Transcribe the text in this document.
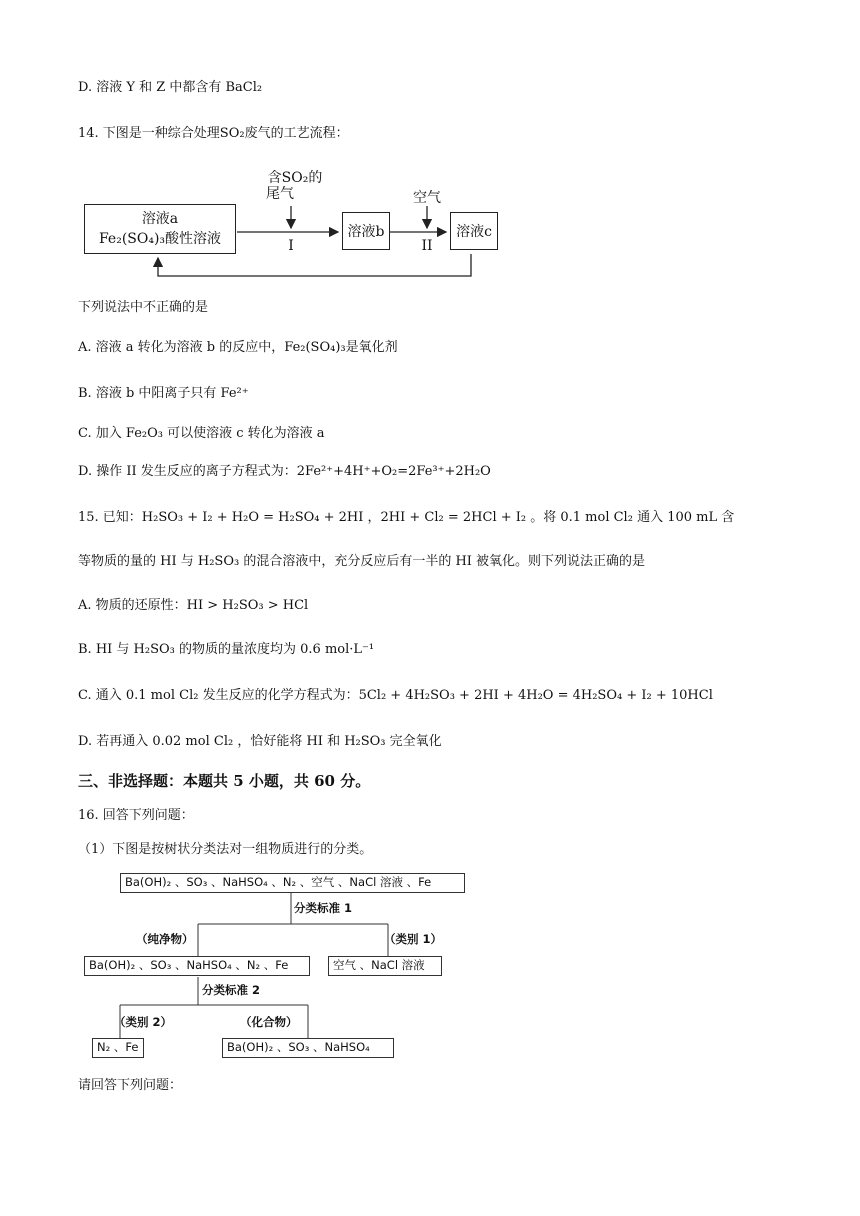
D. 溶液 Y 和 Z 中都含有 BaCl₂
14. 下图是一种综合处理SO₂废气的工艺流程：
溶液a
Fe₂(SO₄)₃酸性溶液	溶液b	溶液c
含SO₂的
尾气
I
空气
II
下列说法中不正确的是
A. 溶液 a 转化为溶液 b 的反应中，Fe₂(SO₄)₃是氧化剂
B. 溶液 b 中阳离子只有 Fe²⁺
C. 加入 Fe₂O₃ 可以使溶液 c 转化为溶液 a
D. 操作 II 发生反应的离子方程式为：2Fe²⁺+4H⁺+O₂=2Fe³⁺+2H₂O
15. 已知：H₂SO₃ + I₂ + H₂O = H₂SO₄ + 2HI ，2HI + Cl₂ = 2HCl + I₂ 。将 0.1 mol Cl₂ 通入 100 mL 含
等物质的量的 HI 与 H₂SO₃ 的混合溶液中，充分反应后有一半的 HI 被氧化。则下列说法正确的是
A. 物质的还原性：HI > H₂SO₃ > HCl
B. HI 与 H₂SO₃ 的物质的量浓度均为 0.6 mol·L⁻¹
C. 通入 0.1 mol Cl₂ 发生反应的化学方程式为：5Cl₂ + 4H₂SO₃ + 2HI + 4H₂O = 4H₂SO₄ + I₂ + 10HCl
D. 若再通入 0.02 mol Cl₂ ，恰好能将 HI 和 H₂SO₃ 完全氧化
三、非选择题：本题共 5 小题，共 60 分。
16. 回答下列问题：
（1）下图是按树状分类法对一组物质进行的分类。
Ba(OH)₂ 、SO₃ 、NaHSO₄ 、N₂ 、空气 、NaCl 溶液 、Fe
分类标准 1
（纯净物）	（类别 1）
Ba(OH)₂ 、SO₃ 、NaHSO₄ 、N₂ 、Fe	空气 、NaCl 溶液
分类标准 2
（类别 2）	（化合物）
N₂ 、Fe	Ba(OH)₂ 、SO₃ 、NaHSO₄
请回答下列问题：
